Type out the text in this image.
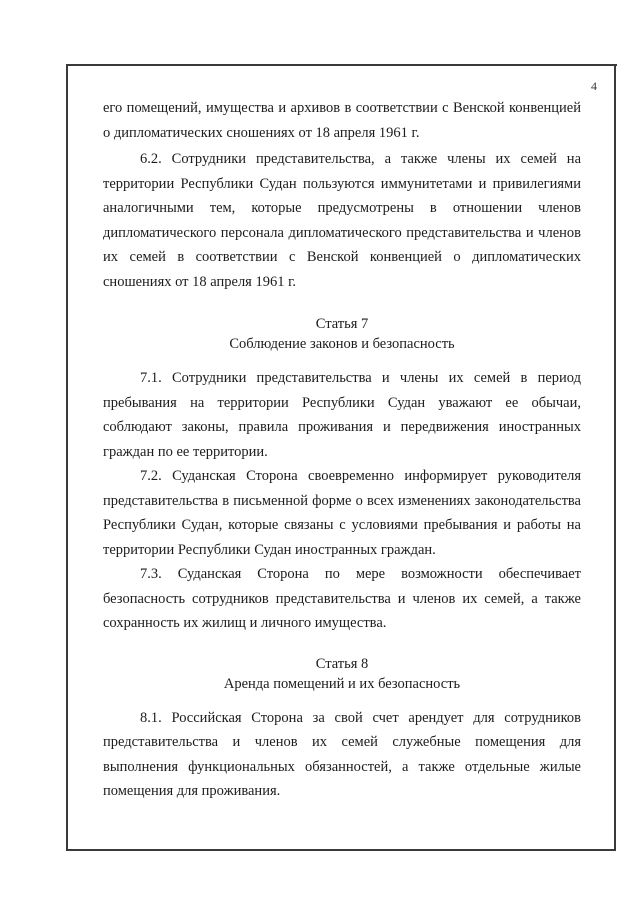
4

его помещений, имущества и архивов в соответствии с Венской конвенцией о дипломатических сношениях от 18 апреля 1961 г.

6.2. Сотрудники представительства, а также члены их семей на территории Республики Судан пользуются иммунитетами и привилегиями аналогичными тем, которые предусмотрены в отношении членов дипломатического персонала дипломатического представительства и членов их семей в соответствии с Венской конвенцией о дипломатических сношениях от 18 апреля 1961 г.

Статья 7
Соблюдение законов и безопасность

7.1. Сотрудники представительства и члены их семей в период пребывания на территории Республики Судан уважают ее обычаи, соблюдают законы, правила проживания и передвижения иностранных граждан по ее территории.

7.2. Суданская Сторона своевременно информирует руководителя представительства в письменной форме о всех изменениях законодательства Республики Судан, которые связаны с условиями пребывания и работы на территории Республики Судан иностранных граждан.

7.3. Суданская Сторона по мере возможности обеспечивает безопасность сотрудников представительства и членов их семей, а также сохранность их жилищ и личного имущества.

Статья 8
Аренда помещений и их безопасность

8.1. Российская Сторона за свой счет арендует для сотрудников представительства и членов их семей служебные помещения для выполнения функциональных обязанностей, а также отдельные жилые помещения для проживания.
